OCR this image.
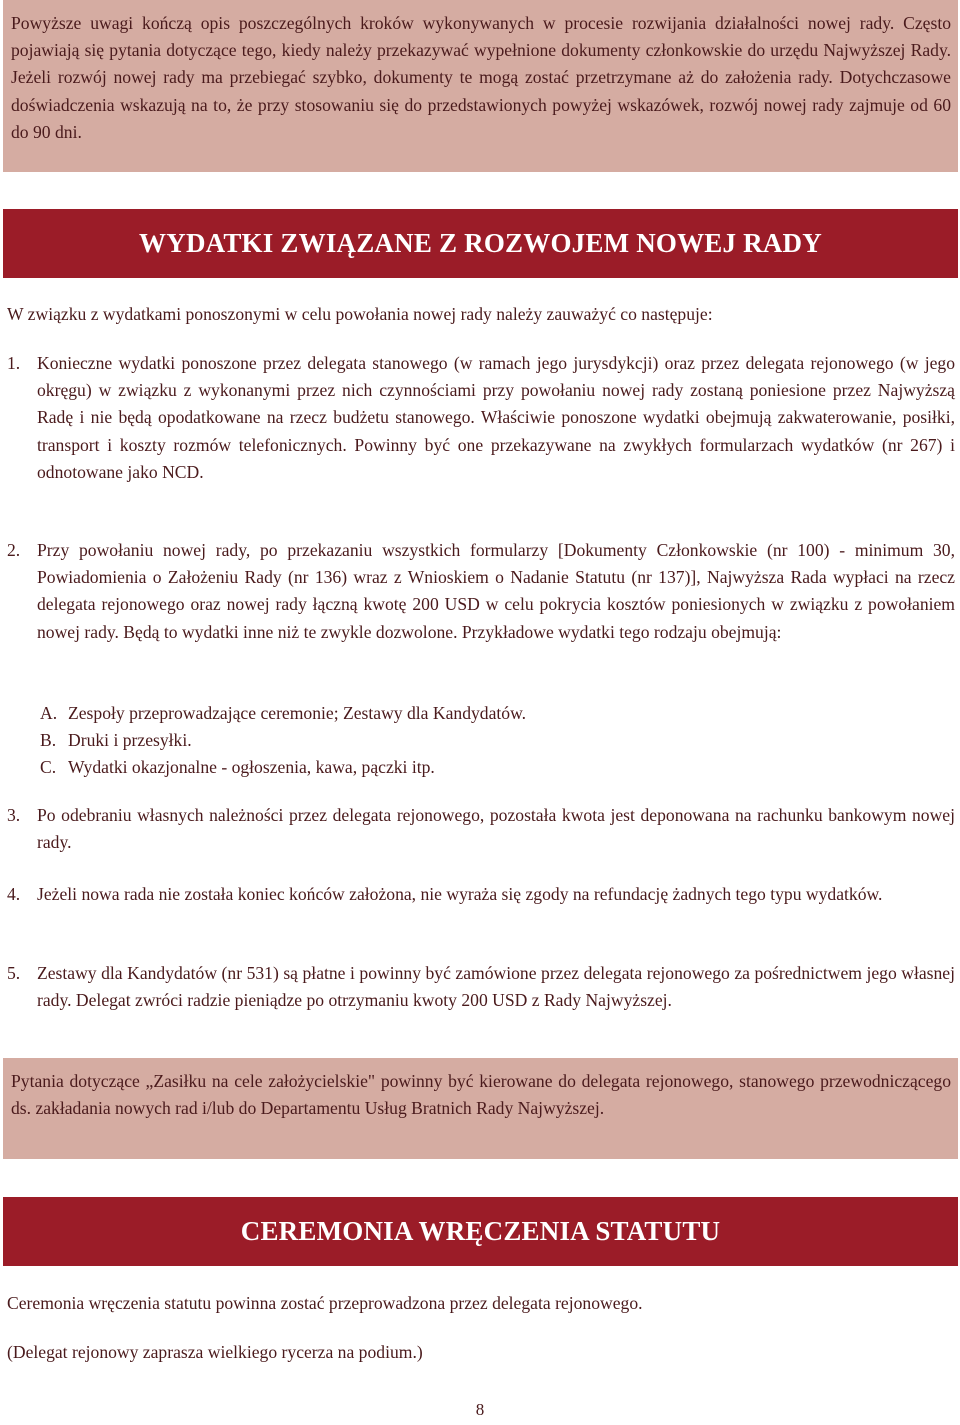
Powyższe uwagi kończą opis poszczególnych kroków wykonywanych w procesie rozwijania działalności nowej rady. Często pojawiają się pytania dotyczące tego, kiedy należy przekazywać wypełnione dokumenty członkowskie do urzędu Najwyższej Rady. Jeżeli rozwój nowej rady ma przebiegać szybko, dokumenty te mogą zostać przetrzymane aż do założenia rady. Dotychczasowe doświadczenia wskazują na to, że przy stosowaniu się do przedstawionych powyżej wskazówek, rozwój nowej rady zajmuje od 60 do 90 dni.
WYDATKI ZWIĄZANE Z ROZWOJEM NOWEJ RADY
W związku z wydatkami ponoszonymi w celu powołania nowej rady należy zauważyć co następuje:
1. Konieczne wydatki ponoszone przez delegata stanowego (w ramach jego jurysdykcji) oraz przez delegata rejonowego (w jego okręgu) w związku z wykonanymi przez nich czynnościami przy powołaniu nowej rady zostaną poniesione przez Najwyższą Radę i nie będą opodatkowane na rzecz budżetu stanowego. Właściwie ponoszone wydatki obejmują zakwaterowanie, posiłki, transport i koszty rozmów telefonicznych. Powinny być one przekazywane na zwykłych formularzach wydatków (nr 267) i odnotowane jako NCD.
2. Przy powołaniu nowej rady, po przekazaniu wszystkich formularzy [Dokumenty Członkowskie (nr 100) - minimum 30, Powiadomienia o Założeniu Rady (nr 136) wraz z Wnioskiem o Nadanie Statutu (nr 137)], Najwyższa Rada wypłaci na rzecz delegata rejonowego oraz nowej rady łączną kwotę 200 USD w celu pokrycia kosztów poniesionych w związku z powołaniem nowej rady. Będą to wydatki inne niż te zwykle dozwolone. Przykładowe wydatki tego rodzaju obejmują:
A. Zespoły przeprowadzające ceremonie; Zestawy dla Kandydatów.
B. Druki i przesyłki.
C. Wydatki okazjonalne - ogłoszenia, kawa, pączki itp.
3. Po odebraniu własnych należności przez delegata rejonowego, pozostała kwota jest deponowana na rachunku bankowym nowej rady.
4. Jeżeli nowa rada nie została koniec końców założona, nie wyraża się zgody na refundację żadnych tego typu wydatków.
5. Zestawy dla Kandydatów (nr 531) są płatne i powinny być zamówione przez delegata rejonowego za pośrednictwem jego własnej rady. Delegat zwróci radzie pieniądze po otrzymaniu kwoty 200 USD z Rady Najwyższej.
Pytania dotyczące „Zasiłku na cele założycielskie" powinny być kierowane do delegata rejonowego, stanowego przewodniczącego ds. zakładania nowych rad i/lub do Departamentu Usług Bratnich Rady Najwyższej.
CEREMONIA WRĘCZENIA STATUTU
Ceremonia wręczenia statutu powinna zostać przeprowadzona przez delegata rejonowego.
(Delegat rejonowy zaprasza wielkiego rycerza na podium.)
8
